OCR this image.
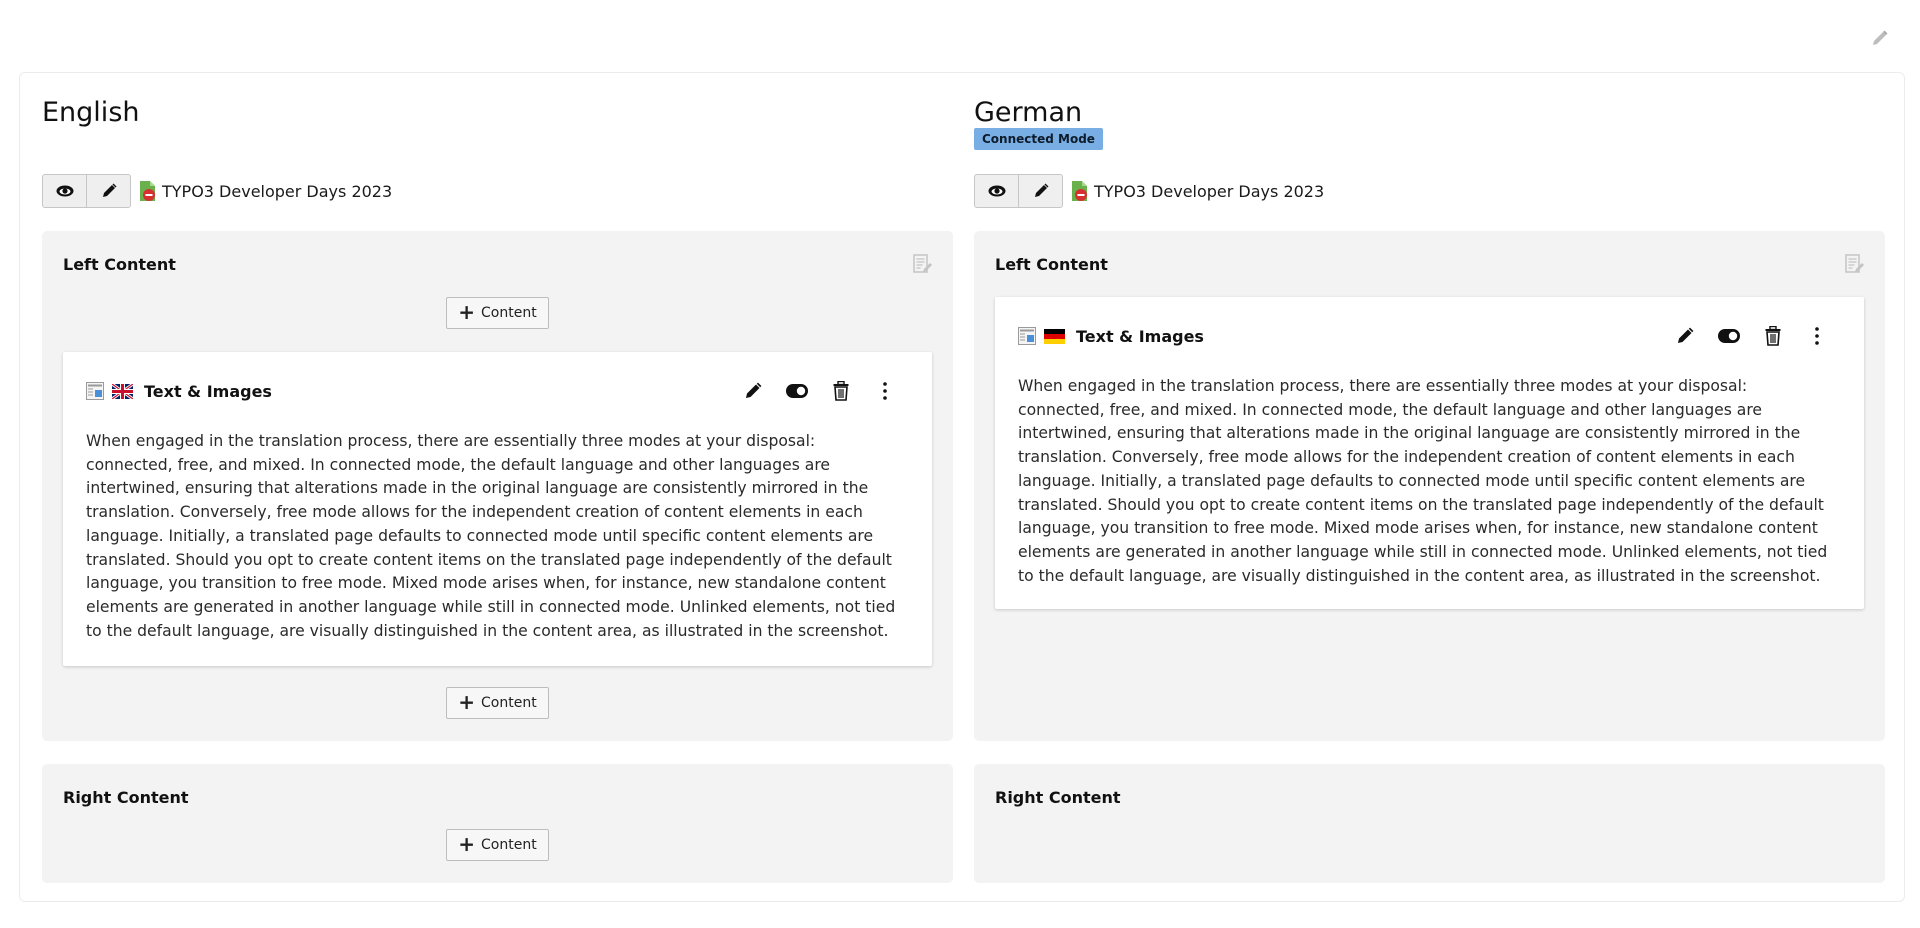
English
TYPO3 Developer Days 2023
Left Content
+ Content
Text & Images
When engaged in the translation process, there are essentially three modes at your disposal:
connected, free, and mixed. In connected mode, the default language and other languages are
intertwined, ensuring that alterations made in the original language are consistently mirrored in the
translation. Conversely, free mode allows for the independent creation of content elements in each
language. Initially, a translated page defaults to connected mode until specific content elements are
translated. Should you opt to create content items on the translated page independently of the default
language, you transition to free mode. Mixed mode arises when, for instance, new standalone content
elements are generated in another language while still in connected mode. Unlinked elements, not tied
to the default language, are visually distinguished in the content area, as illustrated in the screenshot.
+ Content
Right Content
+ Content
German
Connected Mode
TYPO3 Developer Days 2023
Left Content
Text & Images
When engaged in the translation process, there are essentially three modes at your disposal:
connected, free, and mixed. In connected mode, the default language and other languages are
intertwined, ensuring that alterations made in the original language are consistently mirrored in the
translation. Conversely, free mode allows for the independent creation of content elements in each
language. Initially, a translated page defaults to connected mode until specific content elements are
translated. Should you opt to create content items on the translated page independently of the default
language, you transition to free mode. Mixed mode arises when, for instance, new standalone content
elements are generated in another language while still in connected mode. Unlinked elements, not tied
to the default language, are visually distinguished in the content area, as illustrated in the screenshot.
Right Content
